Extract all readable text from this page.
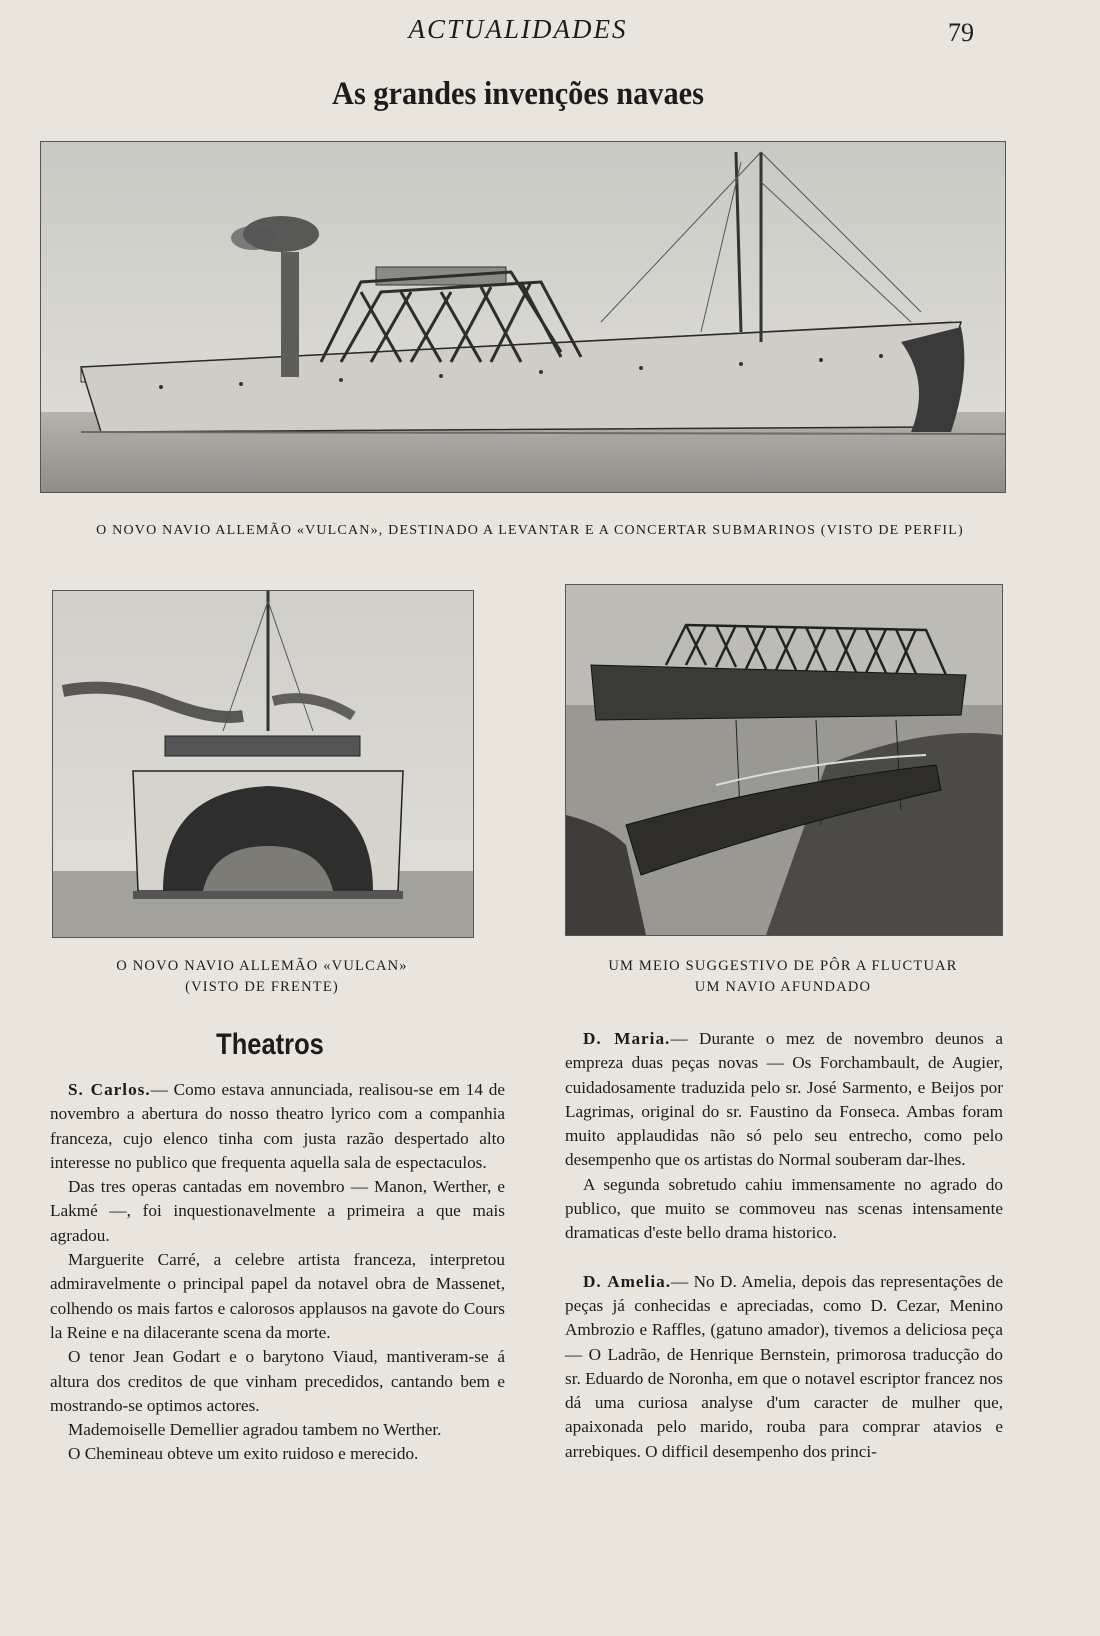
ACTUALIDADES	79
As grandes invenções navaes
O NOVO NAVIO ALLEMÃO «VULCAN», DESTINADO A LEVANTAR E A CONCERTAR SUBMARINOS (VISTO DE PERFIL)
O NOVO NAVIO ALLEMÃO «VULCAN»
(VISTO DE FRENTE)
UM MEIO SUGGESTIVO DE PÔR A FLUCTUAR
UM NAVIO AFUNDADO
Theatros

S. Carlos.— Como estava annunciada, realisou-se em 14 de novembro a abertura do nosso theatro lyrico com a companhia franceza, cujo elenco tinha com justa razão despertado alto interesse no publico que frequenta aquella sala de espectaculos.

Das tres operas cantadas em novembro — Manon, Werther, e Lakmé —, foi inquestionavelmente a primeira a que mais agradou.

Marguerite Carré, a celebre artista franceza, interpretou admiravelmente o principal papel da notavel obra de Massenet, colhendo os mais fartos e calorosos applausos na gavote do Cours la Reine e na dilacerante scena da morte.

O tenor Jean Godart e o barytono Viaud, mantiveram-se á altura dos creditos de que vinham precedidos, cantando bem e mostrando-se optimos actores.

Mademoiselle Demellier agradou tambem no Werther.

O Chemineau obteve um exito ruidoso e merecido.

D. Maria.— Durante o mez de novembro deunos a empreza duas peças novas — Os Forchambault, de Augier, cuidadosamente traduzida pelo sr. José Sarmento, e Beijos por Lagrimas, original do sr. Faustino da Fonseca. Ambas foram muito applaudidas não só pelo seu entrecho, como pelo desempenho que os artistas do Normal souberam dar-lhes.

A segunda sobretudo cahiu immensamente no agrado do publico, que muito se commoveu nas scenas intensamente dramaticas d'este bello drama historico.

D. Amelia.— No D. Amelia, depois das representações de peças já conhecidas e apreciadas, como D. Cezar, Menino Ambrozio e Raffles, (gatuno amador), tivemos a deliciosa peça — O Ladrão, de Henrique Bernstein, primorosa traducção do sr. Eduardo de Noronha, em que o notavel escriptor francez nos dá uma curiosa analyse d'um caracter de mulher que, apaixonada pelo marido, rouba para comprar atavios e arrebiques. O difficil desempenho dos princi-
